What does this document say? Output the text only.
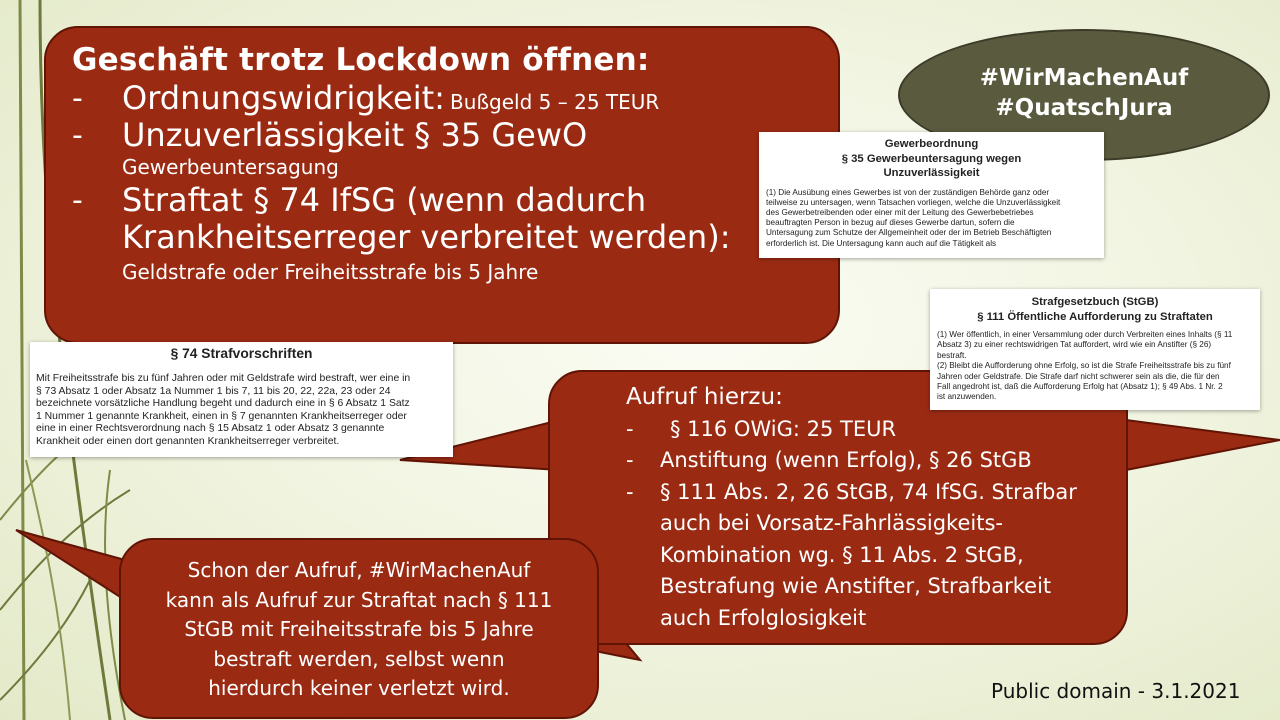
Geschäft trotz Lockdown öffnen:
-	Ordnungswidrigkeit: Bußgeld 5 – 25 TEUR
-	Unzuverlässigkeit § 35 GewO
Gewerbeuntersagung
-	Straftat § 74 IfSG (wenn dadurch
Krankheitserreger verbreitet werden):
Geldstrafe oder Freiheitsstrafe bis 5 Jahre
#WirMachenAuf
#QuatschJura
Aufruf hierzu:
-	§ 116 OWiG: 25 TEUR
-	Anstiftung (wenn Erfolg), § 26 StGB
-	§ 111 Abs. 2, 26 StGB, 74 IfSG. Strafbar
auch bei Vorsatz-Fahrlässigkeits-
Kombination wg. § 11 Abs. 2 StGB,
Bestrafung wie Anstifter, Strafbarkeit
auch Erfolglosigkeit
Schon der Aufruf, #WirMachenAuf
kann als Aufruf zur Straftat nach § 111
StGB mit Freiheitsstrafe bis 5 Jahre
bestraft werden, selbst wenn
hierdurch keiner verletzt wird.
Gewerbeordnung
§ 35 Gewerbeuntersagung wegen
Unzuverlässigkeit
(1) Die Ausübung eines Gewerbes ist von der zuständigen Behörde ganz oder
teilweise zu untersagen, wenn Tatsachen vorliegen, welche die Unzuverlässigkeit
des Gewerbetreibenden oder einer mit der Leitung des Gewerbebetriebes
beauftragten Person in bezug auf dieses Gewerbe dartun, sofern die
Untersagung zum Schutze der Allgemeinheit oder der im Betrieb Beschäftigten
erforderlich ist. Die Untersagung kann auch auf die Tätigkeit als
Strafgesetzbuch (StGB)
§ 111 Öffentliche Aufforderung zu Straftaten
(1) Wer öffentlich, in einer Versammlung oder durch Verbreiten eines Inhalts (§ 11
Absatz 3) zu einer rechtswidrigen Tat auffordert, wird wie ein Anstifter (§ 26)
bestraft.
(2) Bleibt die Aufforderung ohne Erfolg, so ist die Strafe Freiheitsstrafe bis zu fünf
Jahren oder Geldstrafe. Die Strafe darf nicht schwerer sein als die, die für den
Fall angedroht ist, daß die Aufforderung Erfolg hat (Absatz 1); § 49 Abs. 1 Nr. 2
ist anzuwenden.
§ 74 Strafvorschriften
Mit Freiheitsstrafe bis zu fünf Jahren oder mit Geldstrafe wird bestraft, wer eine in
§ 73 Absatz 1 oder Absatz 1a Nummer 1 bis 7, 11 bis 20, 22, 22a, 23 oder 24
bezeichnete vorsätzliche Handlung begeht und dadurch eine in § 6 Absatz 1 Satz
1 Nummer 1 genannte Krankheit, einen in § 7 genannten Krankheitserreger oder
eine in einer Rechtsverordnung nach § 15 Absatz 1 oder Absatz 3 genannte
Krankheit oder einen dort genannten Krankheitserreger verbreitet.
Public domain - 3.1.2021
